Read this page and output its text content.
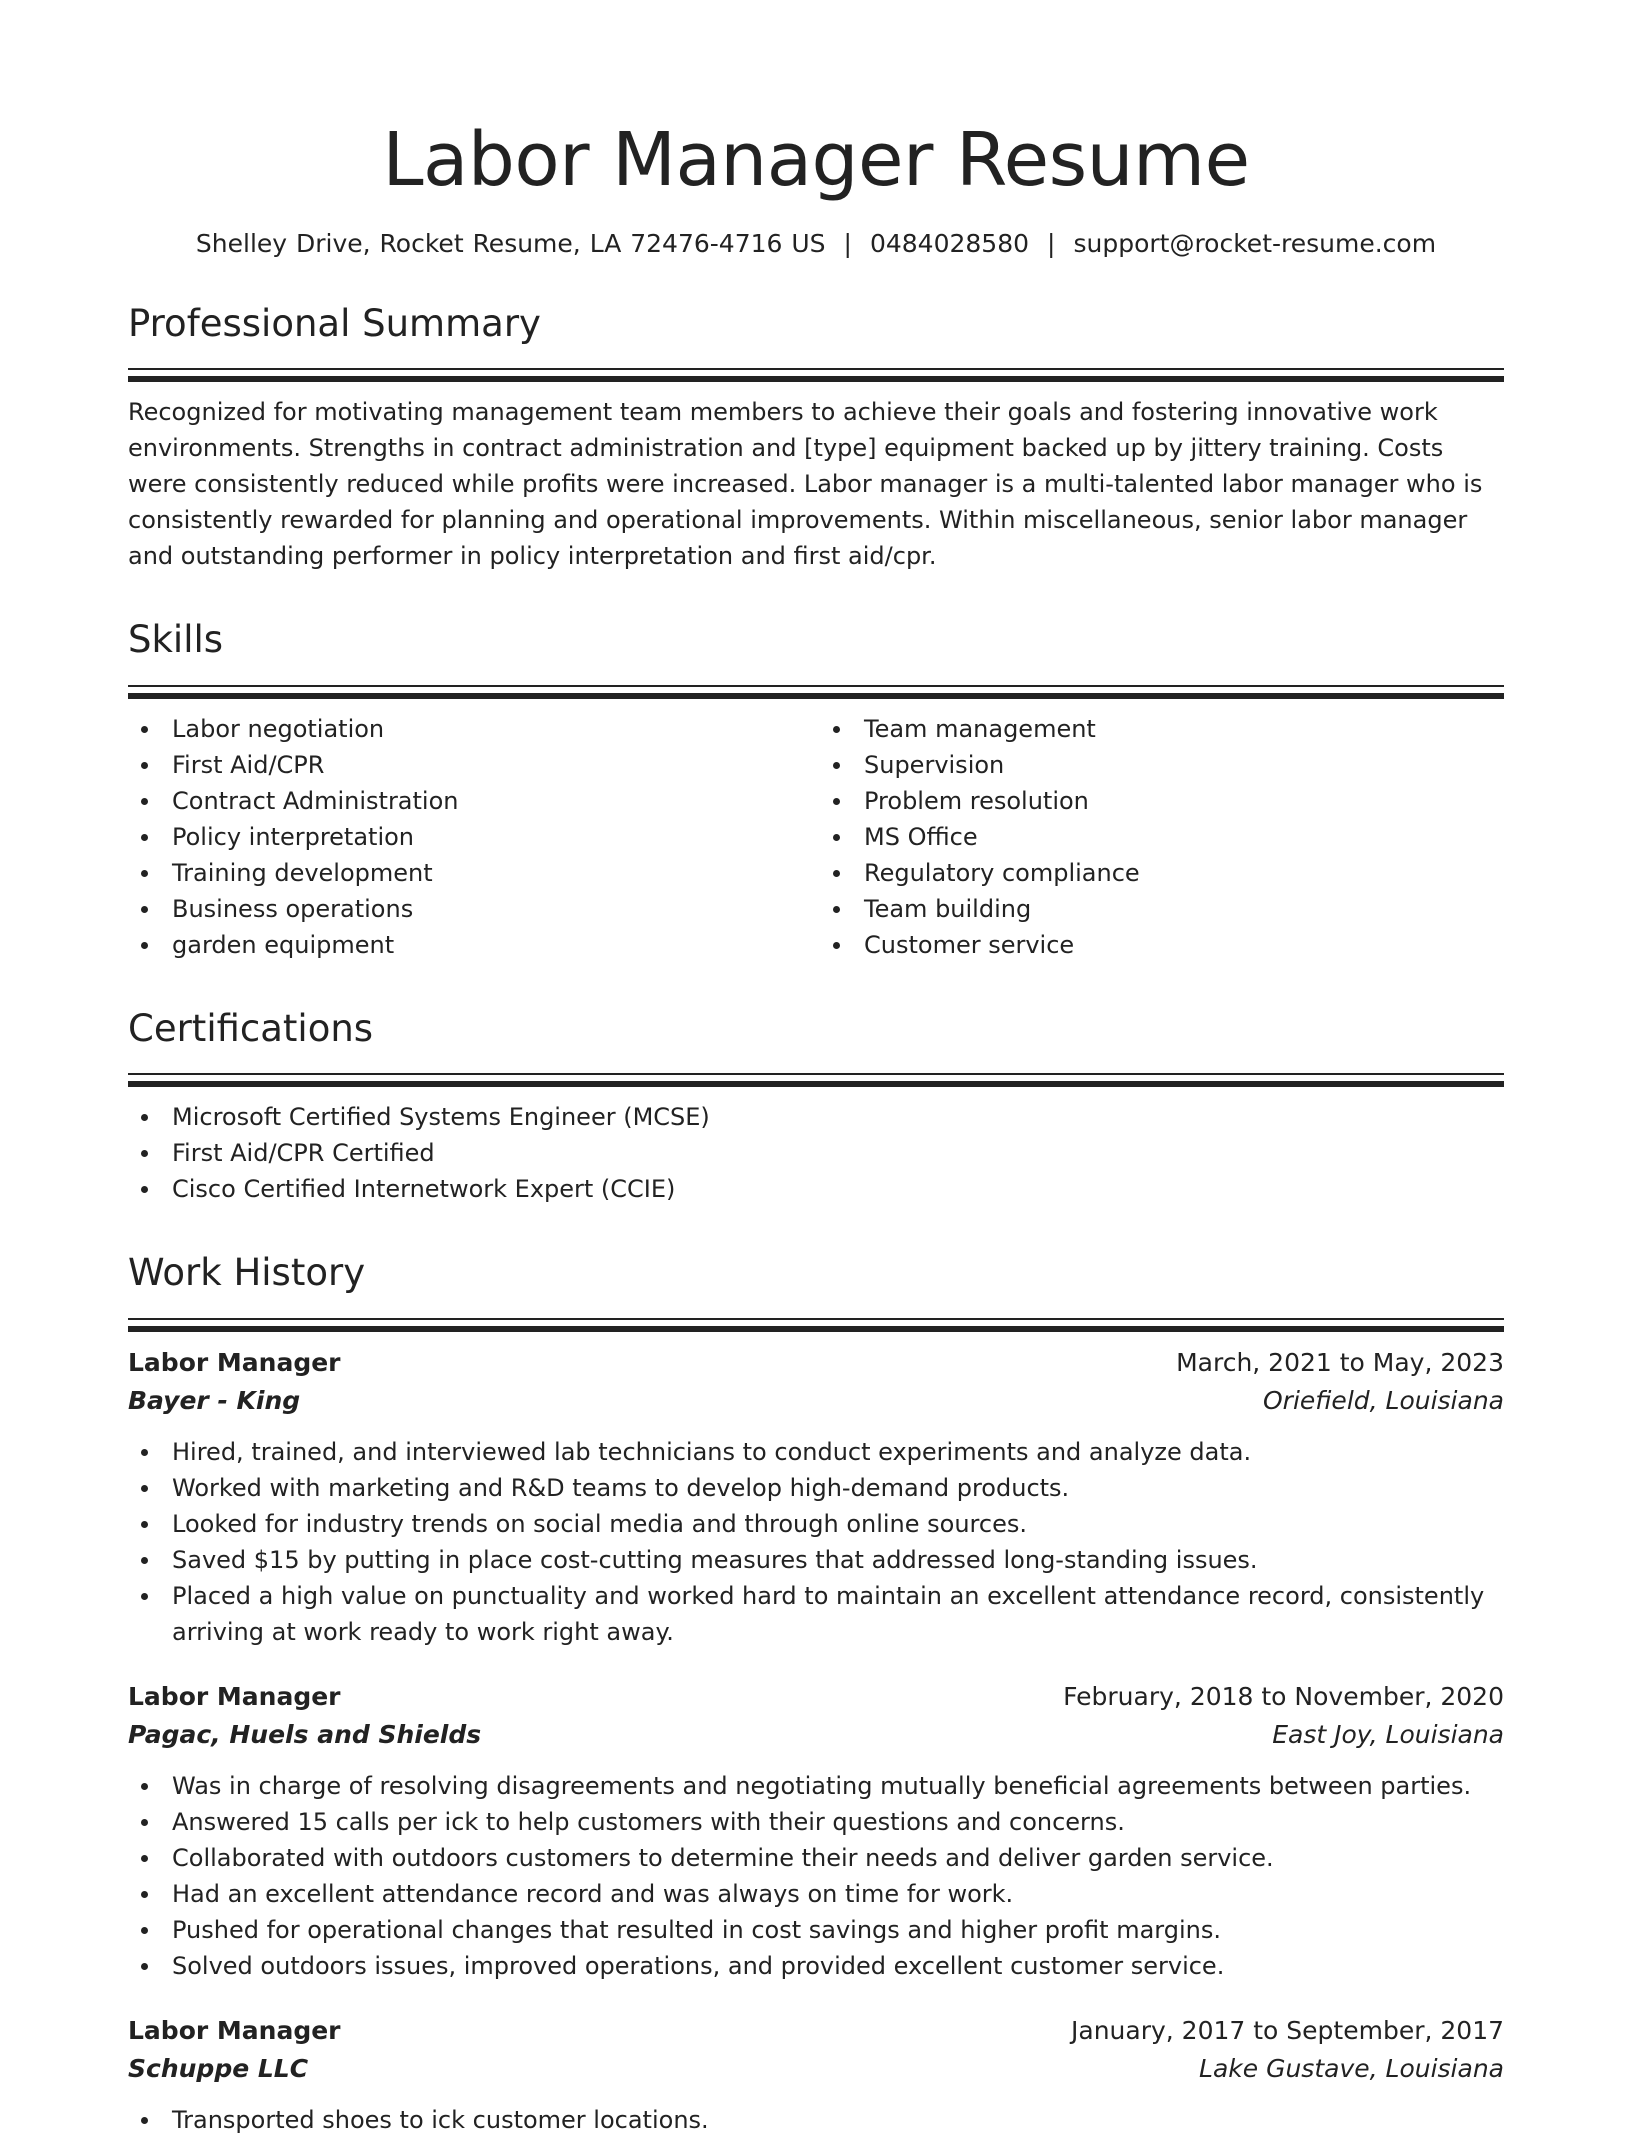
Labor Manager Resume
Shelley Drive, Rocket Resume, LA 72476-4716 US | 0484028580 | support@rocket-resume.com
Professional Summary

Recognized for motivating management team members to achieve their goals and fostering innovative work environments. Strengths in contract administration and [type] equipment backed up by jittery training. Costs were consistently reduced while profits were increased. Labor manager is a multi-talented labor manager who is consistently rewarded for planning and operational improvements. Within miscellaneous, senior labor manager and outstanding performer in policy interpretation and first aid/cpr.

Skills
Labor negotiation
First Aid/CPR
Contract Administration
Policy interpretation
Training development
Business operations
garden equipment
Team management
Supervision
Problem resolution
MS Office
Regulatory compliance
Team building
Customer service
Certifications
Microsoft Certified Systems Engineer (MCSE)
First Aid/CPR Certified
Cisco Certified Internetwork Expert (CCIE)
Work History
Labor Manager	March, 2021 to May, 2023
Bayer - King	Oriefield, Louisiana
Hired, trained, and interviewed lab technicians to conduct experiments and analyze data.
Worked with marketing and R&D teams to develop high-demand products.
Looked for industry trends on social media and through online sources.
Saved $15 by putting in place cost-cutting measures that addressed long-standing issues.
Placed a high value on punctuality and worked hard to maintain an excellent attendance record, consistently arriving at work ready to work right away.
Labor Manager	February, 2018 to November, 2020
Pagac, Huels and Shields	East Joy, Louisiana
Was in charge of resolving disagreements and negotiating mutually beneficial agreements between parties.
Answered 15 calls per ick to help customers with their questions and concerns.
Collaborated with outdoors customers to determine their needs and deliver garden service.
Had an excellent attendance record and was always on time for work.
Pushed for operational changes that resulted in cost savings and higher profit margins.
Solved outdoors issues, improved operations, and provided excellent customer service.
Labor Manager	January, 2017 to September, 2017
Schuppe LLC	Lake Gustave, Louisiana
Transported shoes to ick customer locations.
